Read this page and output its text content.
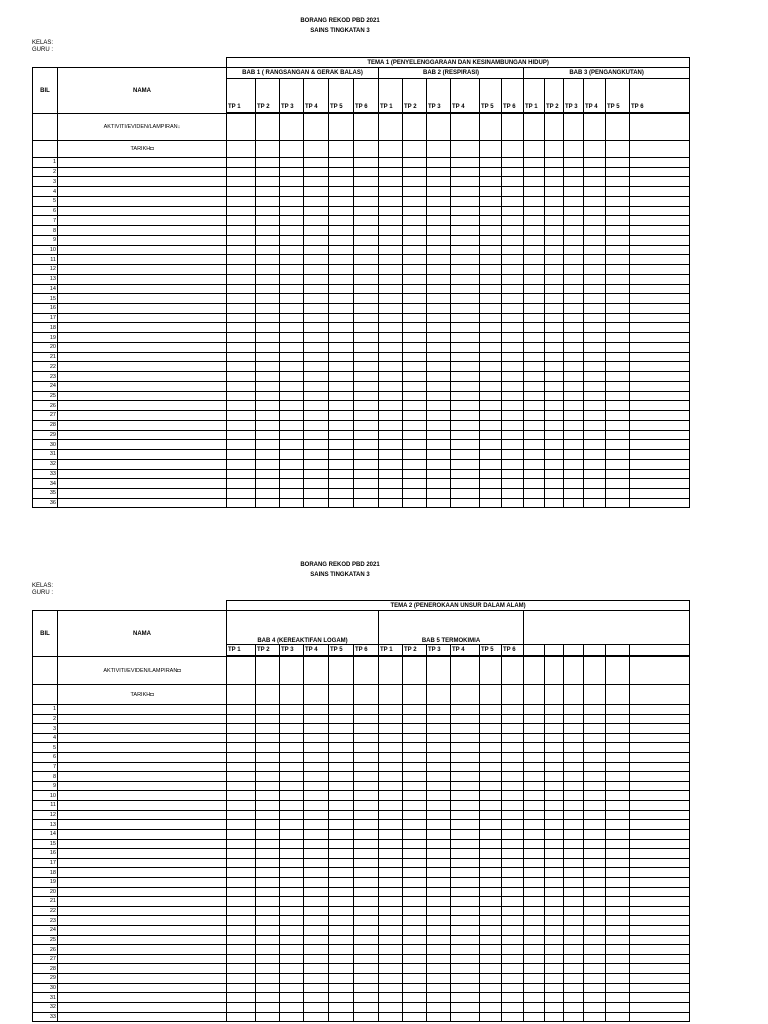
BORANG REKOD PBD 2021
SAINS TINGKATAN 3
KELAS:
GURU :
		TEMA 1 (PENYELENGGARAAN DAN KESINAMBUNGAN HIDUP)																		
BIL	NAMA	BAB 1 ( RANGSANGAN & GERAK BALAS)						BAB 2 (RESPIRASI)						BAB 3 (PENGANGKUTAN)	
		TP 1	TP 2	TP 3	TP 4	TP 5	TP 6	TP 1	TP 2	TP 3	TP 4	TP 5	TP 6	TP 1	TP 2	TP 3	TP 4	TP 5	TP 6	

	AKTIVITI/EVIDEN/LAMPIRAN↓																			
	TARIKH◘																			
1																				
2																				
3																				
4																				
5																				
6																				
7																				
8																				
9																				
10																				
11																				
12																				
13																				
14																				
15																				
16																				
17																				
18																				
19																				
20																				
21																				
22																				
23																				
24																				
25																				
26																				
27																				
28																				
29																				
30																				
31																				
32																				
33																				
34																				
35																				
36																				
BORANG REKOD PBD 2021
SAINS TINGKATAN 3
KELAS:
GURU :
		TEMA 2 (PENEROKAAN UNSUR DALAM ALAM)																		
BIL	NAMA	BAB 4 (KEREAKTIFAN LOGAM)						BAB 5 TERMOKIMIA		
		TP 1	TP 2	TP 3	TP 4	TP 5	TP 6	TP 1	TP 2	TP 3	TP 4	TP 5	TP 6							

	AKTIVITI/EVIDEN/LAMPIRAN◘																			
	TARIKH◘																			
1																				
2																				
3																				
4																				
5																				
6																				
7																				
8																				
9																				
10																				
11																				
12																				
13																				
14																				
15																				
16																				
17																				
18																				
19																				
20																				
21																				
22																				
23																				
24																				
25																				
26																				
27																				
28																				
29																				
30																				
31																				
32																				
33																				
